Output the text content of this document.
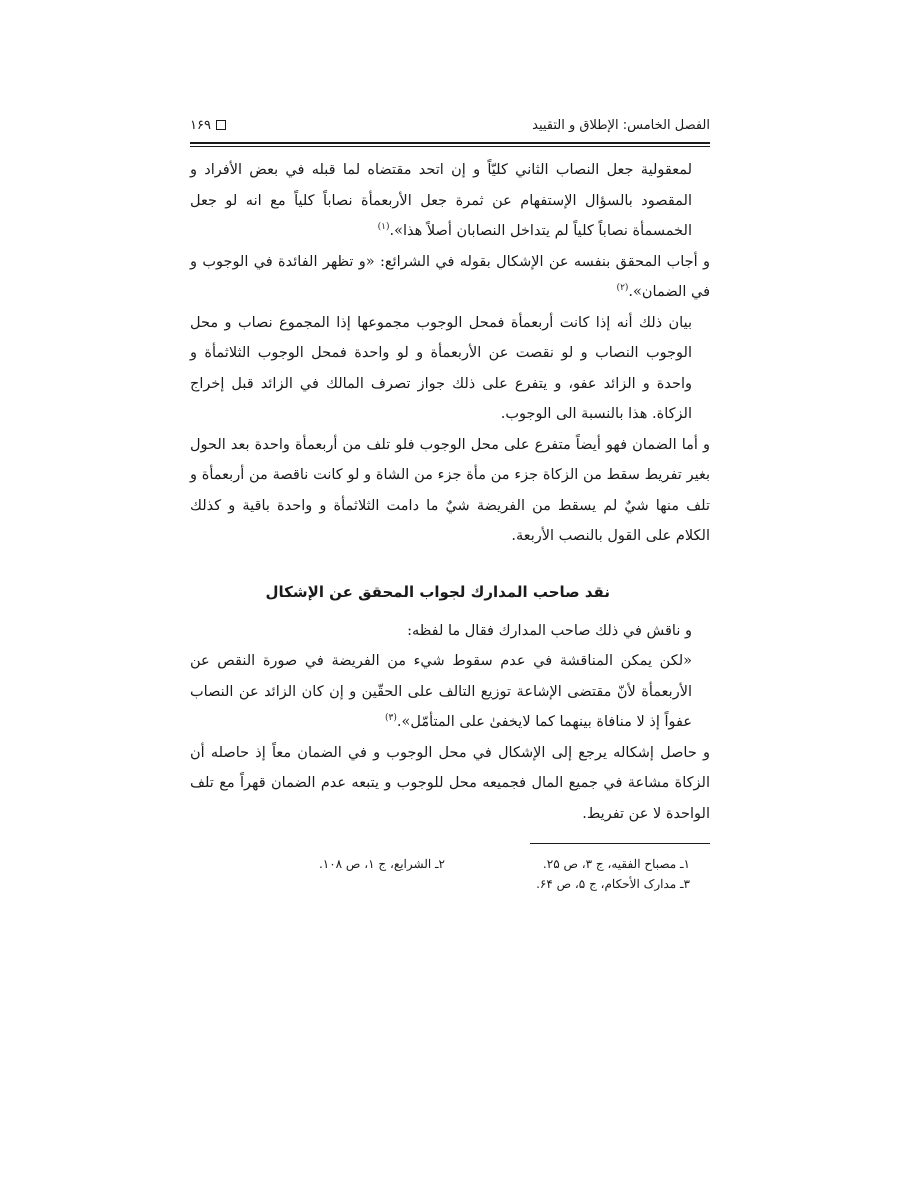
الفصل الخامس: الإطلاق و التقييد
١۶٩

لمعقولية جعل النصاب الثاني كليّاً و إن اتحد مقتضاه لما قبله في بعض الأفراد و المقصود بالسؤال الإستفهام عن ثمرة جعل الأربعمأة نصاباً كلياً مع انه لو جعل الخمسمأة نصاباً كلياً لم يتداخل النصابان أصلاً هذا».$^{(١)}$

و أجاب المحقق بنفسه عن الإشكال بقوله في الشرائع: «و تظهر الفائدة في الوجوب و في الضمان».$^{(٢)}$

بيان ذلك أنه إذا كانت أربعمأة فمحل الوجوب مجموعها إذا المجموع نصاب و محل الوجوب النصاب و لو نقصت عن الأربعمأة و لو واحدة فمحل الوجوب الثلاثمأة و واحدة و الزائد عفو، و يتفرع على ذلك جواز تصرف المالك في الزائد قبل إخراج الزكاة. هذا بالنسبة الى الوجوب.

و أما الضمان فهو أيضاً متفرع على محل الوجوب فلو تلف من أربعمأة واحدة بعد الحول بغير تفريط سقط من الزكاة جزء من مأة جزء من الشاة و لو كانت ناقصة من أربعمأة و تلف منها شيٌ لم يسقط من الفريضة شيٌ ما دامت الثلاثمأة و واحدة باقية و كذلك الكلام على القول بالنصب الأربعة.

نقد صاحب المدارك لجواب المحقق عن الإشكال

و ناقش في ذلك صاحب المدارك فقال ما لفظه:

«لكن يمكن المناقشة في عدم سقوط شيء من الفريضة في صورة النقص عن الأربعمأة لأنّ مقتضى الإشاعة توزيع التالف على الحقّين و إن كان الزائد عن النصاب عفواً إذ لا منافاة بينهما كما لايخفىٰ على المتأمّل».$^{(٣)}$

و حاصل إشكاله يرجع إلى الإشكال في محل الوجوب و في الضمان معاً إذ حاصله أن الزكاة مشاعة في جميع المال فجميعه محل للوجوب و يتبعه عدم الضمان قهراً مع تلف الواحدة لا عن تفريط.

١ـ مصباح الفقيه، ج ٣، ص ٢۵.
٢ـ الشرايع، ج ١، ص ١٠٨.
٣ـ مدارک الأحکام، ج ۵، ص ۶۴.
